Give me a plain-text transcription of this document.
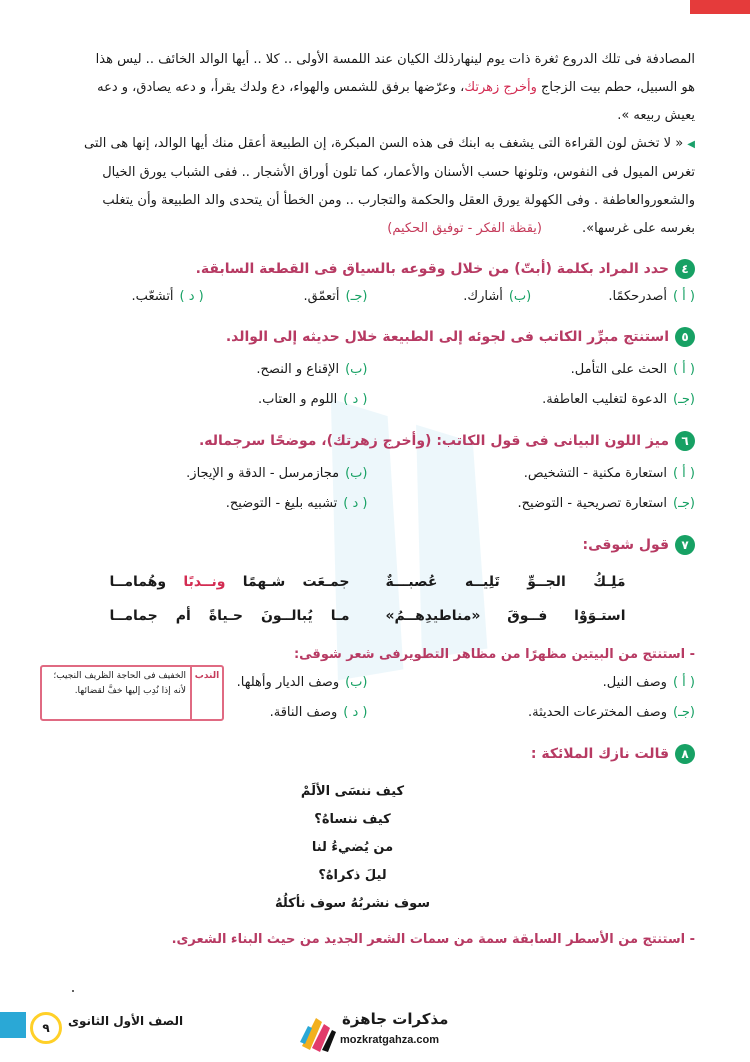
المصادفة فى تلك الدروع ثغرة ذات يوم لينهارذلك الكيان عند اللمسة الأولى .. كلا .. أيها الوالد الخائف .. ليس هذا
هو السبيل، حطم بيت الزجاج وأخرج زهرتك، وعرّضها برفق للشمس والهواء، دع ولدك يقرأ، و دعه يصادق، و دعه
يعيش ربيعه ».
◀ « لا تخش لون القراءة التى يشغف به ابنك فى هذه السن المبكرة، إن الطبيعة أعقل منك أيها الوالد، إنها هى التى
تغرس الميول فى النفوس، وتلونها حسب الأسنان والأعمار، كما تلون أوراق الأشجار .. ففى الشباب يورق الخيال
والشعوروالعاطفة . وفى الكهولة يورق العقل والحكمة والتجارب .. ومن الخطأ أن يتحدى والد الطبيعة وأن يتغلب
بغرسه على غرسها».(يقظة الفكر - توفيق الحكيم)
٤
حدد المراد بكلمة (أبتّ) من خلال وقوعه بالسياق فى القطعة السابقة.
( أ )أصدرحكمًا.
(ب)أشارك.
(جـ)أتعمّق.
( د )أتشعّب.
٥
استنتج مبرِّر الكاتب فى لجوئه إلى الطبيعة خلال حديثه إلى الوالد.
( أ )الحث على التأمل.
(ب)الإقناع و النصح.
(جـ)الدعوة لتغليب العاطفة.
( د )اللوم و العتاب.
٦
ميز اللون البيانى فى قول الكاتب: (وأخرج زهرتك)، موضحًا سرجماله.
( أ )استعارة مكنية - التشخيص.
(ب)مجازمرسل - الدقة و الإيجاز.
(جـ)استعارة تصريحية - التوضيح.
( د )تشبيه بليغ - التوضيح.
٧
قول شوقى:
مَلِـكُ الجــوِّ تَلِيــه عُصبـــةٌ
جمـعَت شـهمًا ونــدبًا وهُمامــا
استـوَوْا فــوقَ «مناطيدِهــمُ»
مـا يُبالــونَ حـياةً أم جمامــا
- استنتج من البيتين مظهرًا من مظاهر التطويرفى شعر شوقى:
( أ )وصف النيل.
(ب)وصف الديار وأهلها.
(جـ)وصف المخترعات الحديثة.
( د )وصف الناقة.
٨
قالت نازك الملائكة :
كيف ننسَى الألَمْ
كيف ننساهُ؟
من يُضيءُ لنا
ليلَ ذكراهُ؟
سوف نشربُهُ سوف نأكلُهُ
- استنتج من الأسطر السابقة سمة من سمات الشعر الجديد من حيث البناء الشعرى.
الندب
الخفيف فى الحاجة الظريف النجيب؛ لأنه إذا نُدِب إليها خفَّ لقضائها.
٩	الصف الأول الثانوى	مذكرات جاهزة
mozkratgahza.com
